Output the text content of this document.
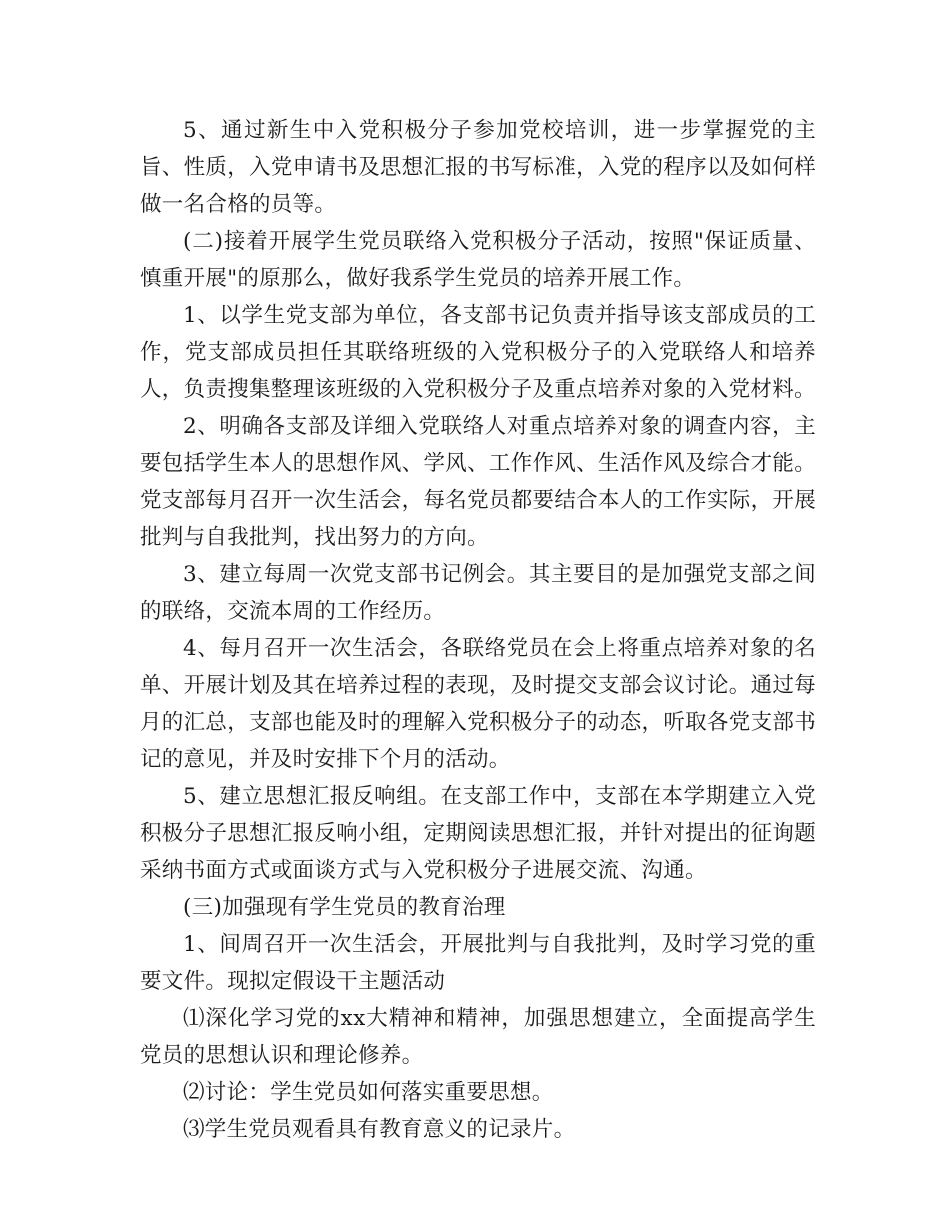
5、通过新生中入党积极分子参加党校培训，进一步掌握党的主旨、性质，入党申请书及思想汇报的书写标准，入党的程序以及如何样做一名合格的员等。

(二)接着开展学生党员联络入党积极分子活动，按照"保证质量、慎重开展"的原那么，做好我系学生党员的培养开展工作。

1、以学生党支部为单位，各支部书记负责并指导该支部成员的工作，党支部成员担任其联络班级的入党积极分子的入党联络人和培养人，负责搜集整理该班级的入党积极分子及重点培养对象的入党材料。

2、明确各支部及详细入党联络人对重点培养对象的调查内容，主要包括学生本人的思想作风、学风、工作作风、生活作风及综合才能。党支部每月召开一次生活会，每名党员都要结合本人的工作实际，开展批判与自我批判，找出努力的方向。

3、建立每周一次党支部书记例会。其主要目的是加强党支部之间的联络，交流本周的工作经历。

4、每月召开一次生活会，各联络党员在会上将重点培养对象的名单、开展计划及其在培养过程的表现，及时提交支部会议讨论。通过每月的汇总，支部也能及时的理解入党积极分子的动态，听取各党支部书记的意见，并及时安排下个月的活动。

5、建立思想汇报反响组。在支部工作中，支部在本学期建立入党积极分子思想汇报反响小组，定期阅读思想汇报，并针对提出的征询题采纳书面方式或面谈方式与入党积极分子进展交流、沟通。

(三)加强现有学生党员的教育治理

1、间周召开一次生活会，开展批判与自我批判，及时学习党的重要文件。现拟定假设干主题活动

⑴深化学习党的xx大精神和精神，加强思想建立，全面提高学生党员的思想认识和理论修养。

⑵讨论：学生党员如何落实重要思想。

⑶学生党员观看具有教育意义的记录片。
